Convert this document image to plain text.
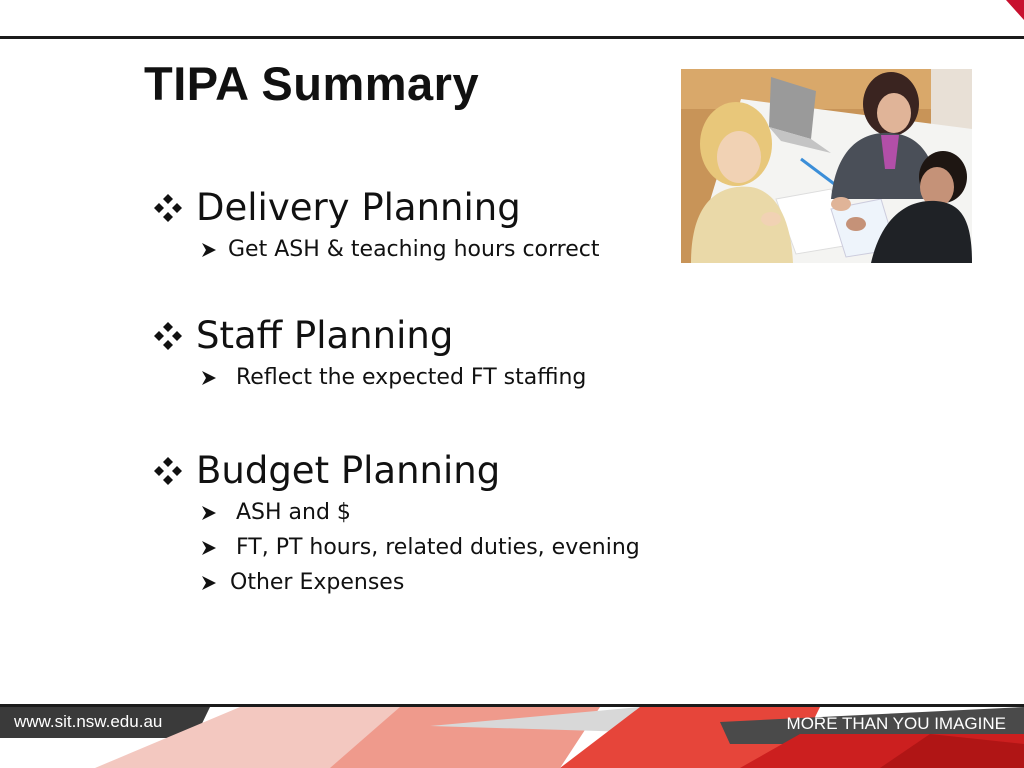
TIPA Summary
Delivery Planning
Get ASH & teaching hours correct
Staff Planning
Reflect the expected FT staffing
Budget Planning
ASH and $
FT, PT hours, related duties, evening
Other Expenses
www.sit.nsw.edu.au	MORE THAN YOU IMAGINE
